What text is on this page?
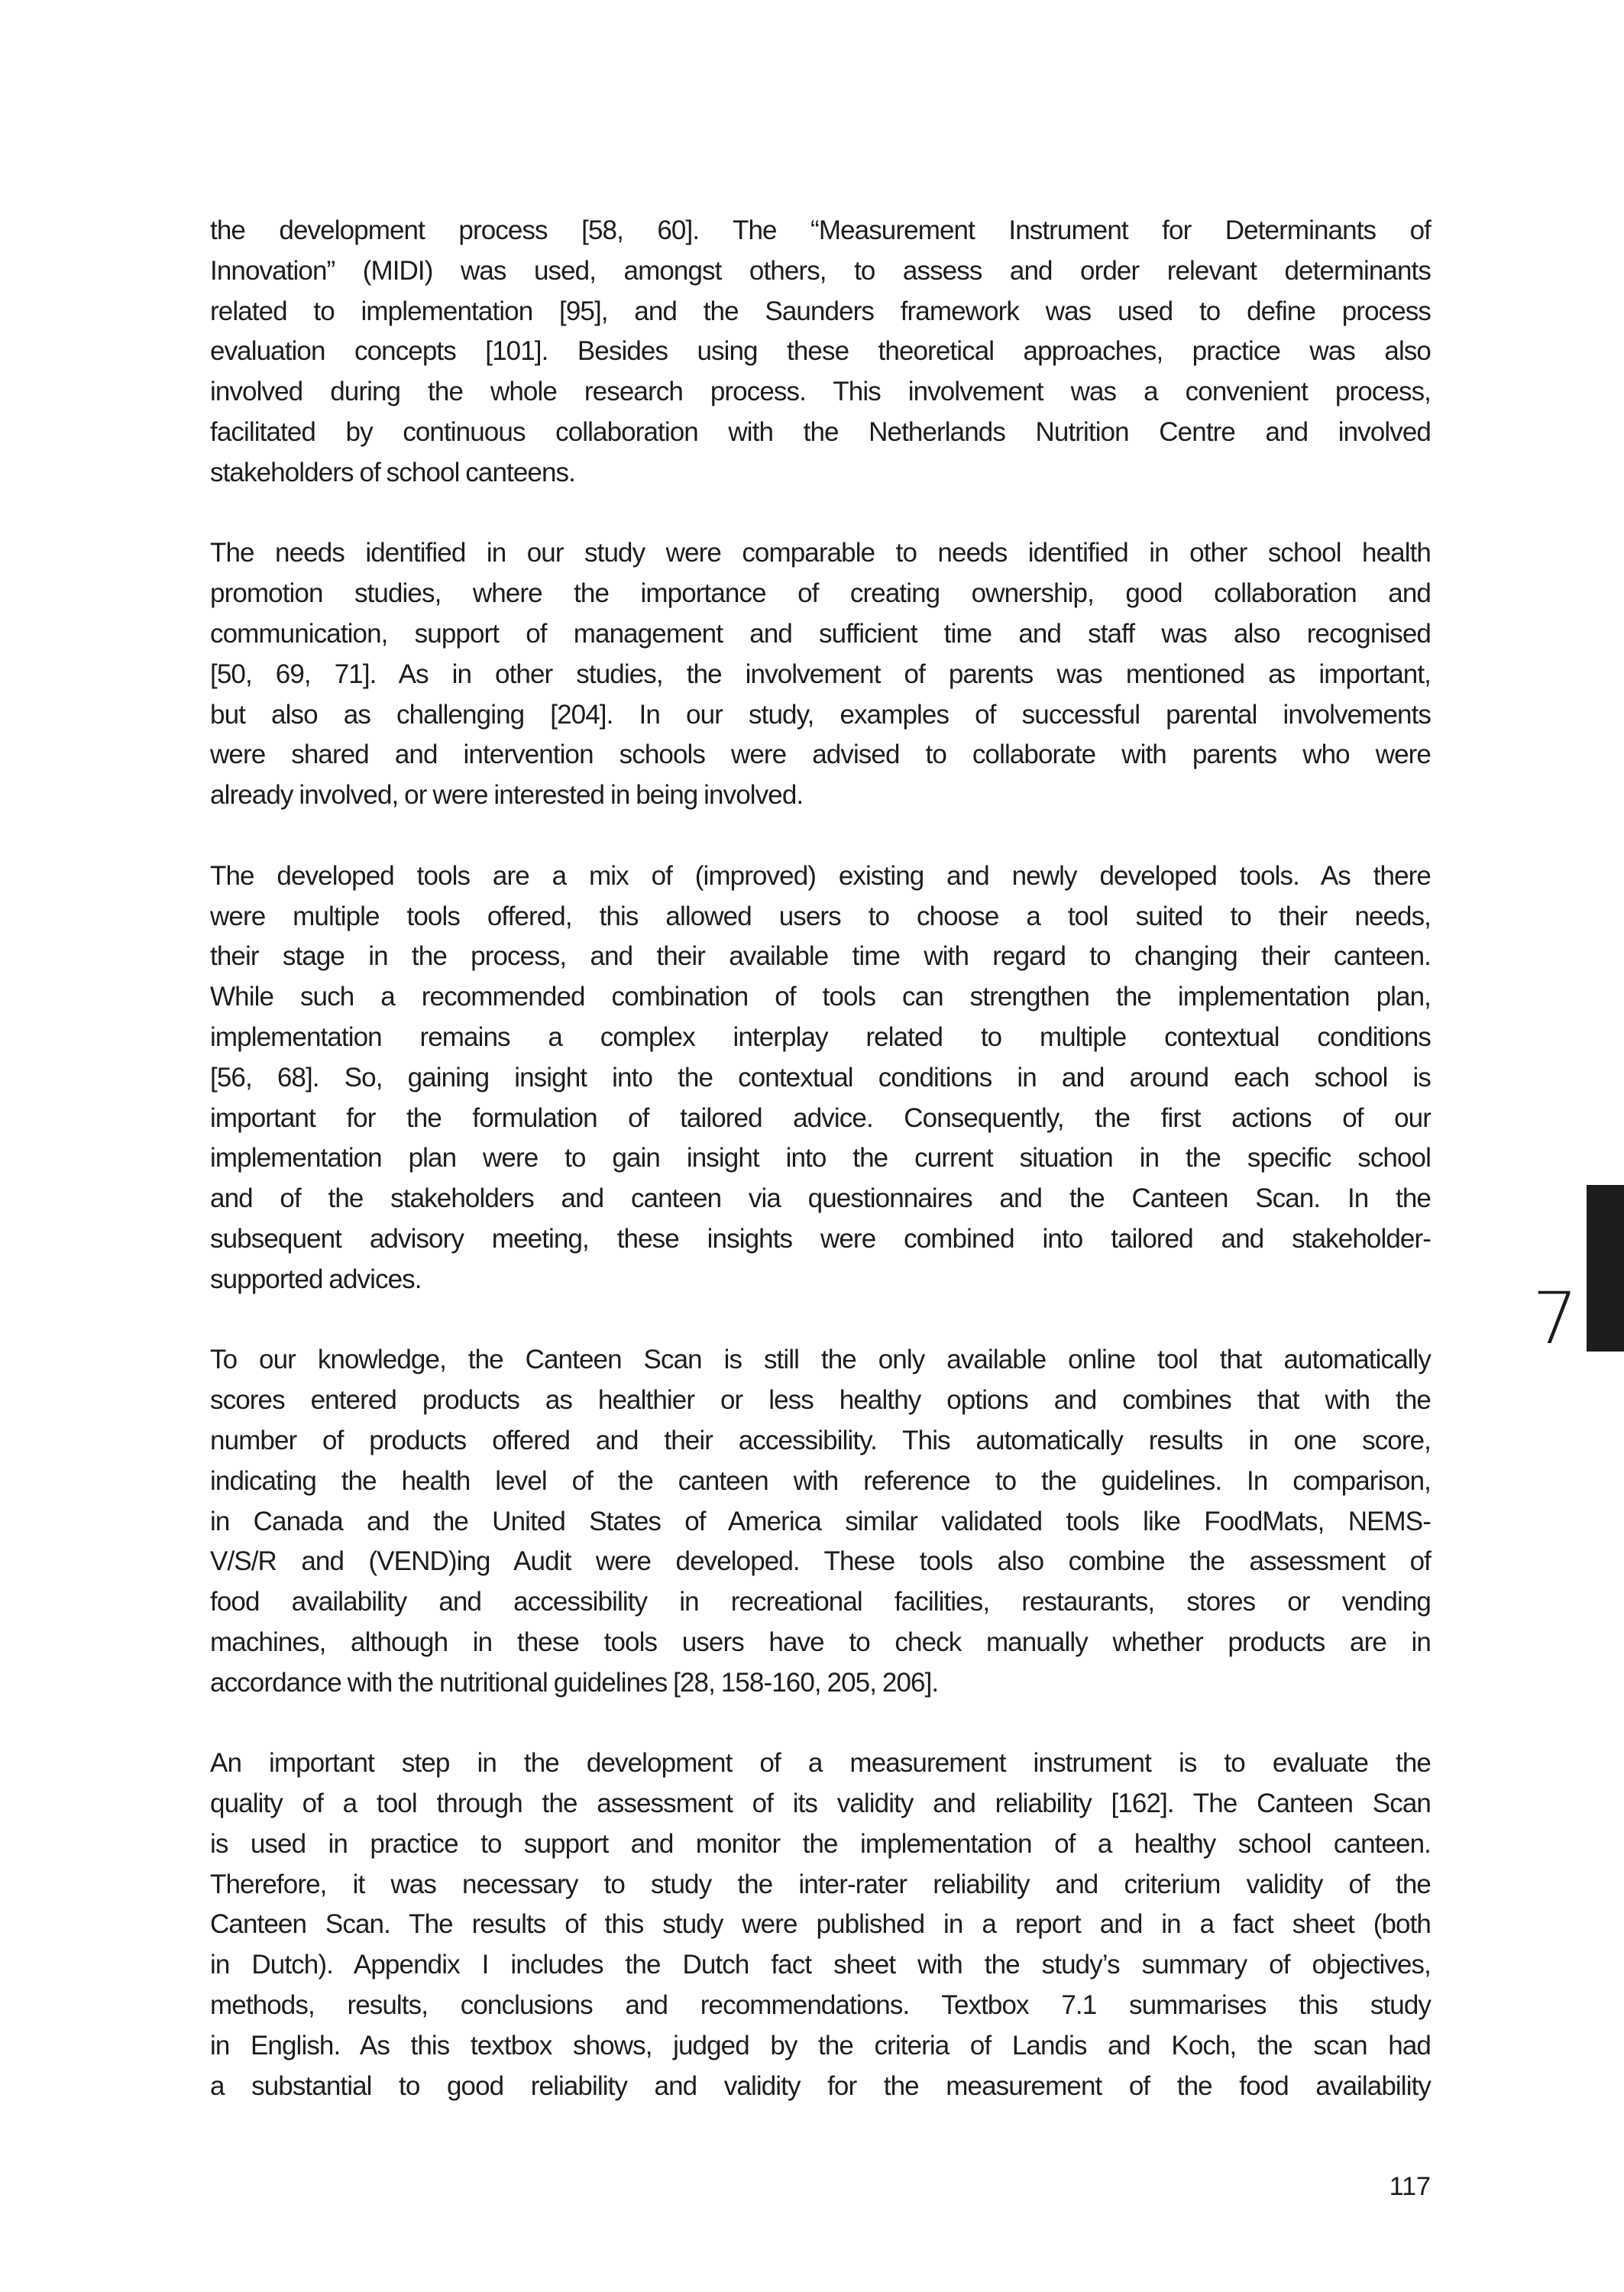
the development process [58, 60]. The “Measurement Instrument for Determinants of
Innovation” (MIDI) was used, amongst others, to assess and order relevant determinants
related to implementation [95], and the Saunders framework was used to define process
evaluation concepts [101]. Besides using these theoretical approaches, practice was also
involved during the whole research process. This involvement was a convenient process,
facilitated by continuous collaboration with the Netherlands Nutrition Centre and involved
stakeholders of school canteens.
The needs identified in our study were comparable to needs identified in other school health
promotion studies, where the importance of creating ownership, good collaboration and
communication, support of management and sufficient time and staff was also recognised
[50, 69, 71]. As in other studies, the involvement of parents was mentioned as important,
but also as challenging [204]. In our study, examples of successful parental involvements
were shared and intervention schools were advised to collaborate with parents who were
already involved, or were interested in being involved.
The developed tools are a mix of (improved) existing and newly developed tools. As there
were multiple tools offered, this allowed users to choose a tool suited to their needs,
their stage in the process, and their available time with regard to changing their canteen.
While such a recommended combination of tools can strengthen the implementation plan,
implementation remains a complex interplay related to multiple contextual conditions
[56, 68]. So, gaining insight into the contextual conditions in and around each school is
important for the formulation of tailored advice. Consequently, the first actions of our
implementation plan were to gain insight into the current situation in the specific school
and of the stakeholders and canteen via questionnaires and the Canteen Scan. In the
subsequent advisory meeting, these insights were combined into tailored and stakeholder-
supported advices.
To our knowledge, the Canteen Scan is still the only available online tool that automatically
scores entered products as healthier or less healthy options and combines that with the
number of products offered and their accessibility. This automatically results in one score,
indicating the health level of the canteen with reference to the guidelines. In comparison,
in Canada and the United States of America similar validated tools like FoodMats, NEMS-
V/S/R and (VEND)ing Audit were developed. These tools also combine the assessment of
food availability and accessibility in recreational facilities, restaurants, stores or vending
machines, although in these tools users have to check manually whether products are in
accordance with the nutritional guidelines [28, 158-160, 205, 206].
An important step in the development of a measurement instrument is to evaluate the
quality of a tool through the assessment of its validity and reliability [162]. The Canteen Scan
is used in practice to support and monitor the implementation of a healthy school canteen.
Therefore, it was necessary to study the inter-rater reliability and criterium validity of the
Canteen Scan. The results of this study were published in a report and in a fact sheet (both
in Dutch). Appendix I includes the Dutch fact sheet with the study’s summary of objectives,
methods, results, conclusions and recommendations. Textbox 7.1 summarises this study
in English. As this textbox shows, judged by the criteria of Landis and Koch, the scan had
a substantial to good reliability and validity for the measurement of the food availability
7
117
